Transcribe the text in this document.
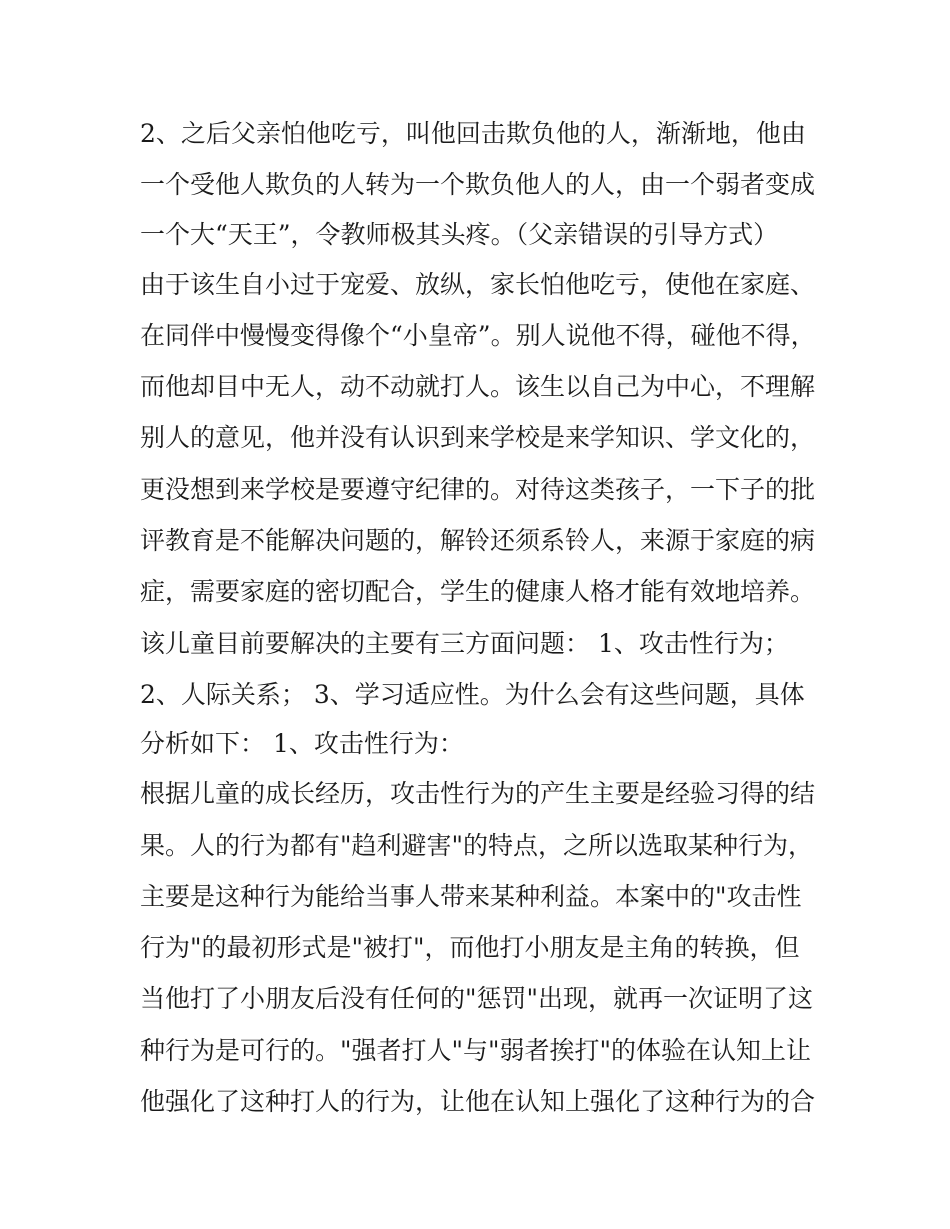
2、之后父亲怕他吃亏，叫他回击欺负他的人，渐渐地，他由
一个受他人欺负的人转为一个欺负他人的人，由一个弱者变成
一个大“天王”，令教师极其头疼。（父亲错误的引导方式）
由于该生自小过于宠爱、放纵，家长怕他吃亏，使他在家庭、
在同伴中慢慢变得像个“小皇帝”。别人说他不得，碰他不得，
而他却目中无人，动不动就打人。该生以自己为中心，不理解
别人的意见，他并没有认识到来学校是来学知识、学文化的，
更没想到来学校是要遵守纪律的。对待这类孩子，一下子的批
评教育是不能解决问题的，解铃还须系铃人，来源于家庭的病
症，需要家庭的密切配合，学生的健康人格才能有效地培养。
该儿童目前要解决的主要有三方面问题： 1、攻击性行为；
2、人际关系； 3、学习适应性。为什么会有这些问题，具体
分析如下： 1、攻击性行为：
根据儿童的成长经历，攻击性行为的产生主要是经验习得的结
果。人的行为都有"趋利避害"的特点，之所以选取某种行为，
主要是这种行为能给当事人带来某种利益。本案中的"攻击性
行为"的最初形式是"被打"，而他打小朋友是主角的转换，但
当他打了小朋友后没有任何的"惩罚"出现，就再一次证明了这
种行为是可行的。"强者打人"与"弱者挨打"的体验在认知上让
他强化了这种打人的行为，让他在认知上强化了这种行为的合
